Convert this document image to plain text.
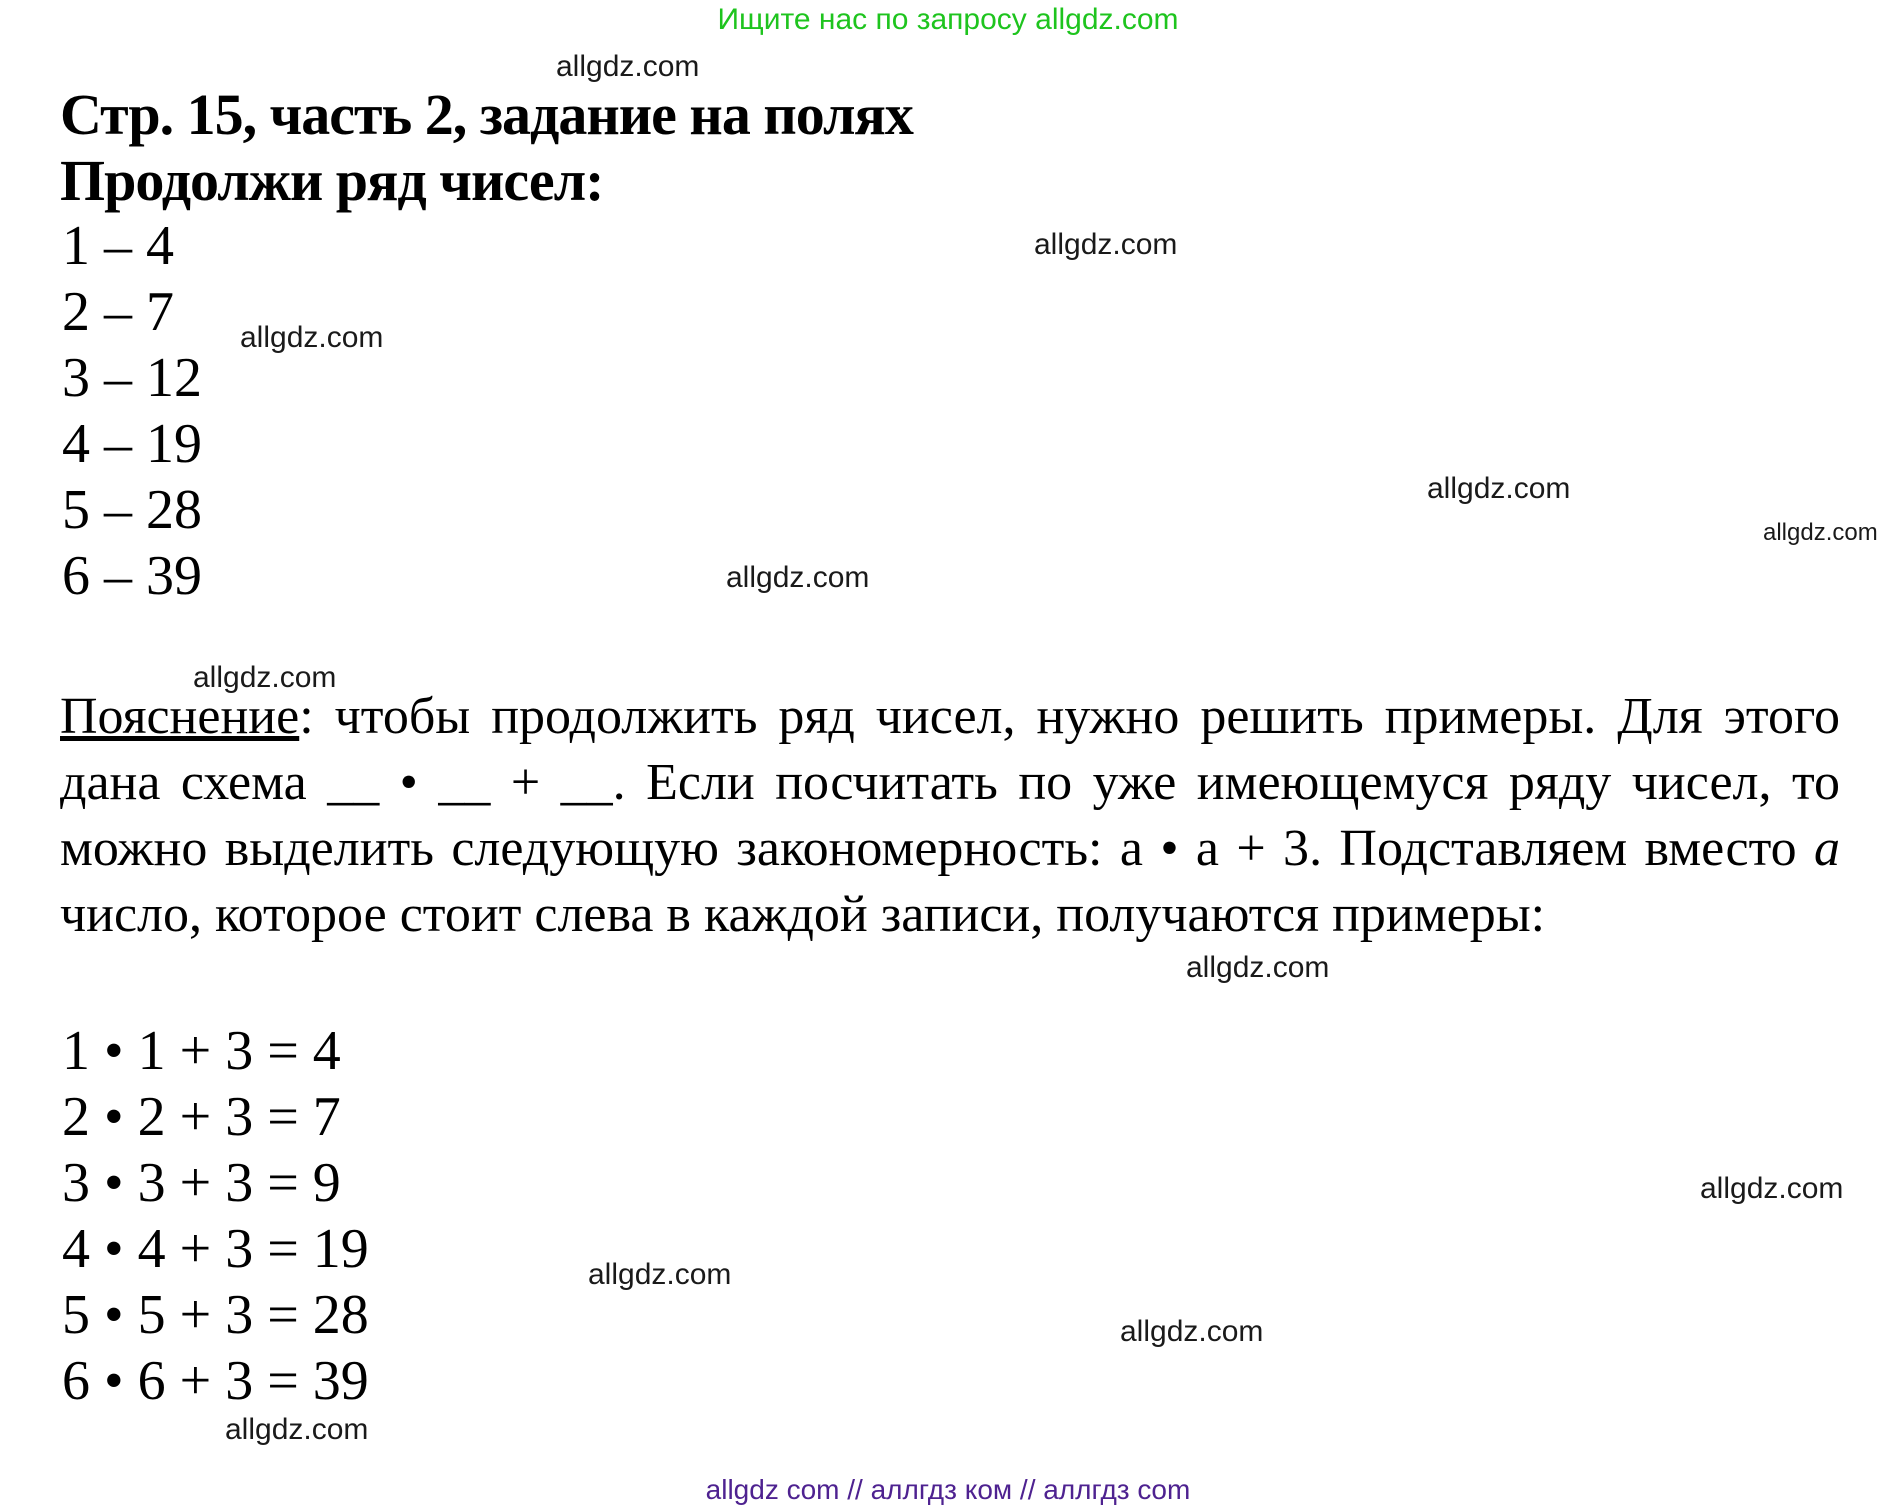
Ищите нас по запросу allgdz.com
allgdz.com
allgdz.com
allgdz.com
allgdz.com
allgdz.com
allgdz.com
allgdz.com
allgdz.com
allgdz.com
allgdz.com
allgdz.com
allgdz.com
Стр. 15, часть 2, задание на полях
Продолжи ряд чисел:
1 – 4
2 – 7
3 – 12
4 – 19
5 – 28
6 – 39
Пояснение: чтобы продолжить ряд чисел, нужно решить примеры. Для этого дана схема __ • __ + __. Если посчитать по уже имеющемуся ряду чисел, то можно выделить следующую закономерность: а • а + 3. Подставляем вместо а число, которое стоит слева в каждой записи, получаются примеры:
1 • 1 + 3 = 4
2 • 2 + 3 = 7
3 • 3 + 3 = 9
4 • 4 + 3 = 19
5 • 5 + 3 = 28
6 • 6 + 3 = 39
allgdz com // аллгдз ком // аллгдз com
